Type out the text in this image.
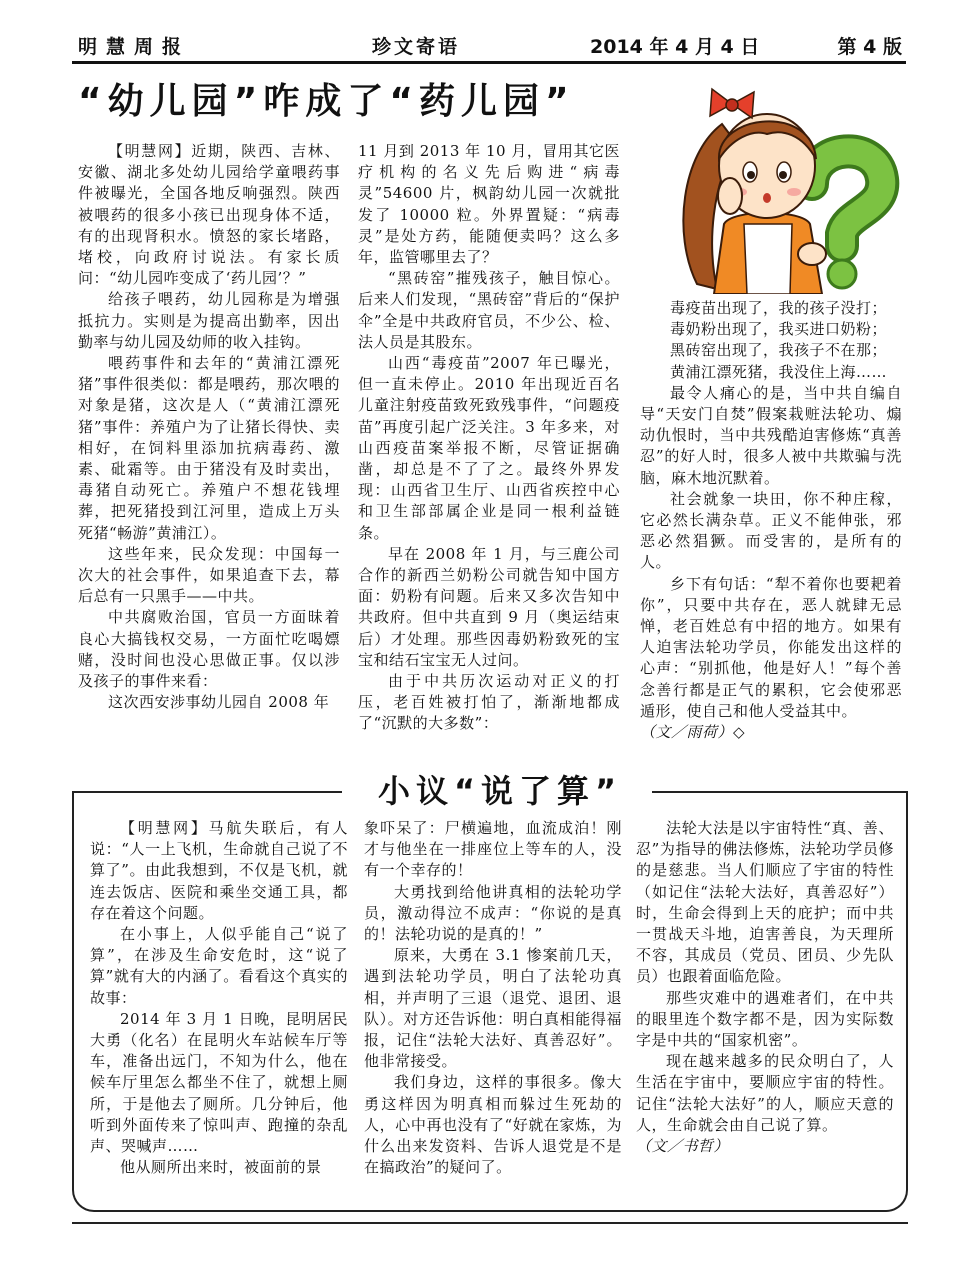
明慧周报	珍文寄语	2014 年 4 月 4 日	第 4 版
“幼儿园”咋成了“药儿园”

【明慧网】近期，陕西、吉林、安徽、湖北多处幼儿园给学童喂药事件被曝光，全国各地反响强烈。陕西被喂药的很多小孩已出现身体不适，有的出现肾积水。愤怒的家长堵路，堵校，向政府讨说法。有家长质问：“幼儿园咋变成了‘药儿园’？”

给孩子喂药，幼儿园称是为增强抵抗力。实则是为提高出勤率，因出勤率与幼儿园及幼师的收入挂钩。

喂药事件和去年的“黄浦江漂死猪”事件很类似：都是喂药，那次喂的对象是猪，这次是人（“黄浦江漂死猪”事件：养殖户为了让猪长得快、卖相好，在饲料里添加抗病毒药、激素、砒霜等。由于猪没有及时卖出，毒猪自动死亡。养殖户不想花钱埋葬，把死猪投到江河里，造成上万头死猪“畅游”黄浦江）。

这些年来，民众发现：中国每一次大的社会事件，如果追查下去，幕后总有一只黑手——中共。

中共腐败治国，官员一方面昧着良心大搞钱权交易，一方面忙吃喝嫖赌，没时间也没心思做正事。仅以涉及孩子的事件来看：

这次西安涉事幼儿园自 2008 年

11 月到 2013 年 10 月，冒用其它医疗机构的名义先后购进“病毒灵”54600 片，枫韵幼儿园一次就批发了 10000 粒。外界置疑：“病毒灵”是处方药，能随便卖吗？这么多年，监管哪里去了？

“黑砖窑”摧残孩子，触目惊心。后来人们发现，“黑砖窑”背后的“保护伞”全是中共政府官员，不少公、检、法人员是其股东。

山西“毒疫苗”2007 年已曝光，但一直未停止。2010 年出现近百名儿童注射疫苗致死致残事件，“问题疫苗”再度引起广泛关注。3 年多来，对山西疫苗案举报不断，尽管证据确凿，却总是不了了之。最终外界发现：山西省卫生厅、山西省疾控中心和卫生部部属企业是同一根利益链条。

早在 2008 年 1 月，与三鹿公司合作的新西兰奶粉公司就告知中国方面：奶粉有问题。后来又多次告知中共政府。但中共直到 9 月（奥运结束后）才处理。那些因毒奶粉致死的宝宝和结石宝宝无人过问。

由于中共历次运动对正义的打压，老百姓被打怕了，渐渐地都成了“沉默的大多数”：

毒疫苗出现了，我的孩子没打；

毒奶粉出现了，我买进口奶粉；

黑砖窑出现了，我孩子不在那；

黄浦江漂死猪，我没住上海……

最令人痛心的是，当中共自编自导“天安门自焚”假案栽赃法轮功、煽动仇恨时，当中共残酷迫害修炼“真善忍”的好人时，很多人被中共欺骗与洗脑，麻木地沉默着。

社会就象一块田，你不种庄稼，它必然长满杂草。正义不能伸张，邪恶必然猖獗。而受害的，是所有的人。

乡下有句话：“犁不着你也要耙着你”，只要中共存在，恶人就肆无忌惮，老百姓总有中招的地方。如果有人迫害法轮功学员，你能发出这样的心声：“别抓他，他是好人！”每个善念善行都是正气的累积，它会使邪恶遁形，使自己和他人受益其中。

（文／雨荷）◇

小议“说了算”

【明慧网】马航失联后，有人说：“人一上飞机，生命就自己说了不算了”。由此我想到，不仅是飞机，就连去饭店、医院和乘坐交通工具，都存在着这个问题。

在小事上，人似乎能自己“说了算”，在涉及生命安危时，这“说了算”就有大的内涵了。看看这个真实的故事：

2014 年 3 月 1 日晚，昆明居民大勇（化名）在昆明火车站候车厅等车，准备出远门，不知为什么，他在候车厅里怎么都坐不住了，就想上厕所，于是他去了厕所。几分钟后，他听到外面传来了惊叫声、跑撞的杂乱声、哭喊声……

他从厕所出来时，被面前的景

象吓呆了：尸横遍地，血流成泊！刚才与他坐在一排座位上等车的人，没有一个幸存的！

大勇找到给他讲真相的法轮功学员，激动得泣不成声：“你说的是真的！法轮功说的是真的！”

原来，大勇在 3.1 惨案前几天，遇到法轮功学员，明白了法轮功真相，并声明了三退（退党、退团、退队）。对方还告诉他：明白真相能得福报，记住“法轮大法好、真善忍好”。他非常接受。

我们身边，这样的事很多。像大勇这样因为明真相而躲过生死劫的人，心中再也没有了“好就在家炼，为什么出来发资料、告诉人退党是不是在搞政治”的疑问了。

法轮大法是以宇宙特性“真、善、忍”为指导的佛法修炼，法轮功学员修的是慈悲。当人们顺应了宇宙的特性（如记住“法轮大法好，真善忍好”）时，生命会得到上天的庇护；而中共一贯战天斗地，迫害善良，为天理所不容，其成员（党员、团员、少先队员）也跟着面临危险。

那些灾难中的遇难者们，在中共的眼里连个数字都不是，因为实际数字是中共的“国家机密”。

现在越来越多的民众明白了，人生活在宇宙中，要顺应宇宙的特性。记住“法轮大法好”的人，顺应天意的人，生命就会由自己说了算。

（文／书哲）
